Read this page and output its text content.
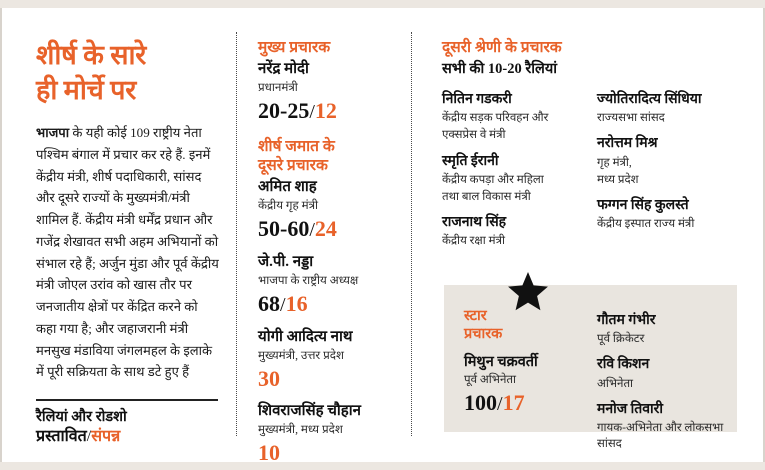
शीर्ष के सारे
ही मोर्चे पर

भाजपा के यही कोई 109 राष्ट्रीय नेता पश्चिम बंगाल में प्रचार कर रहे हैं. इनमें केंद्रीय मंत्री, शीर्ष पदाधिकारी, सांसद और दूसरे राज्यों के मुख्यमंत्री/मंत्री शामिल हैं. केंद्रीय मंत्री धर्मेंद्र प्रधान और गजेंद्र शेखावत सभी अहम अभियानों को संभाल रहे हैं; अर्जुन मुंडा और पूर्व केंद्रीय मंत्री जोएल उरांव को खास तौर पर जनजातीय क्षेत्रों पर केंद्रित करने को कहा गया है; और जहाजरानी मंत्री मनसुख मंडाविया जंगलमहल के इलाके में पूरी सक्रियता के साथ डटे हुए हैं

रैलियां और रोडशो
प्रस्तावित/संपन्न
मुख्य प्रचारक
नरेंद्र मोदी
प्रधानमंत्री
20-25/12
शीर्ष जमात के
दूसरे प्रचारक
अमित शाह
केंद्रीय गृह मंत्री
50-60/24
जे.पी. नड्डा
भाजपा के राष्ट्रीय अध्यक्ष
68/16
योगी आदित्य नाथ
मुख्यमंत्री, उत्तर प्रदेश
30
शिवराजसिंह चौहान
मुख्यमंत्री, मध्य प्रदेश
10
दूसरी श्रेणी के प्रचारक
सभी की 10-20 रैलियां
नितिन गडकरी
केंद्रीय सड़क परिवहन और
एक्सप्रेस वे मंत्री
स्मृति ईरानी
केंद्रीय कपड़ा और महिला
तथा बाल विकास मंत्री
राजनाथ सिंह
केंद्रीय रक्षा मंत्री
ज्योतिरादित्य सिंधिया
राज्यसभा सांसद
नरोत्तम मिश्र
गृह मंत्री,
मध्य प्रदेश
फग्गन सिंह कुलस्ते
केंद्रीय इस्पात राज्य मंत्री
स्टार
प्रचारक
मिथुन चक्रवर्ती
पूर्व अभिनेता
100/17
गौतम गंभीर
पूर्व क्रिकेटर
रवि किशन
अभिनेता
मनोज तिवारी
गायक-अभिनेता और लोकसभा सांसद
